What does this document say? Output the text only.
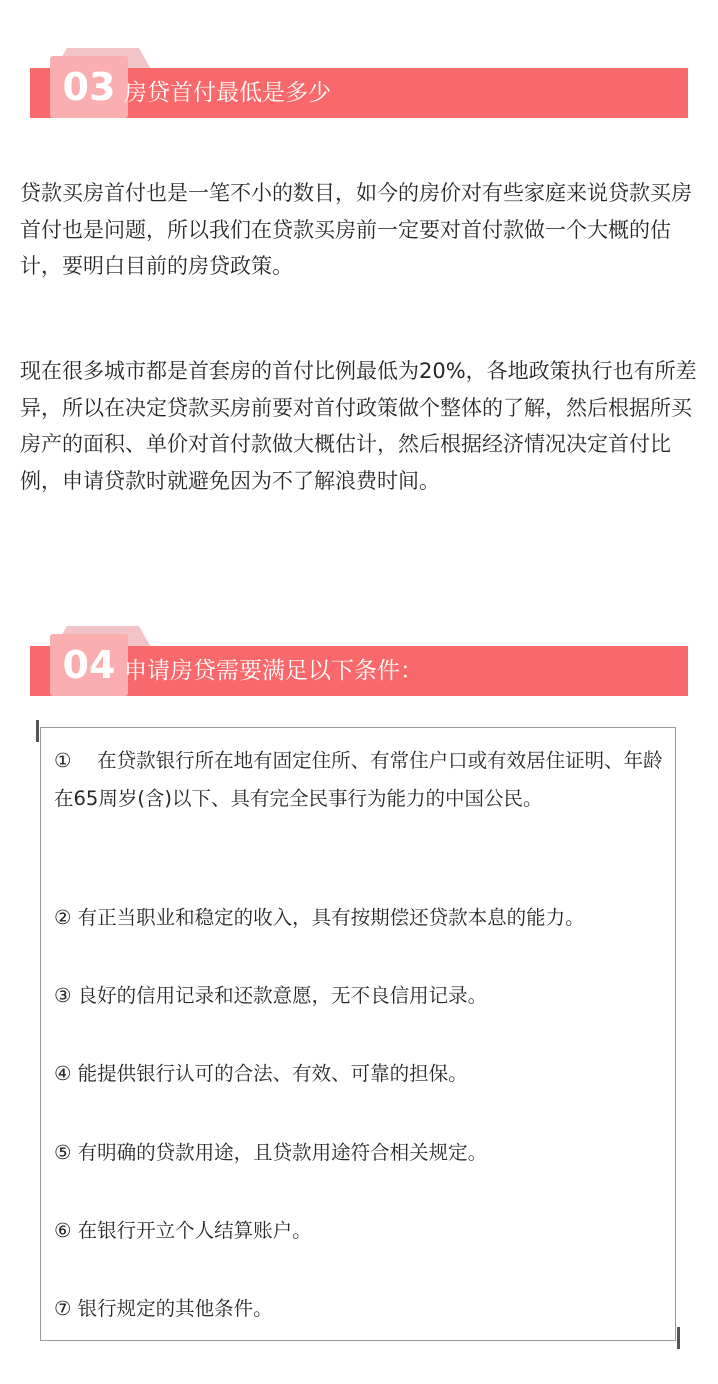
03 房贷首付最低是多少

贷款买房首付也是一笔不小的数目，如今的房价对有些家庭来说贷款买房首付也是问题，所以我们在贷款买房前一定要对首付款做一个大概的估计，要明白目前的房贷政策。

现在很多城市都是首套房的首付比例最低为20%，各地政策执行也有所差异，所以在决定贷款买房前要对首付政策做个整体的了解，然后根据所买房产的面积、单价对首付款做大概估计，然后根据经济情况决定首付比例，申请贷款时就避免因为不了解浪费时间。

04 申请房贷需要满足以下条件：

①　 在贷款银行所在地有固定住所、有常住户口或有效居住证明、年龄在65周岁(含)以下、具有完全民事行为能力的中国公民。

② 有正当职业和稳定的收入，具有按期偿还贷款本息的能力。

③ 良好的信用记录和还款意愿，无不良信用记录。

④ 能提供银行认可的合法、有效、可靠的担保。

⑤ 有明确的贷款用途，且贷款用途符合相关规定。

⑥ 在银行开立个人结算账户。

⑦ 银行规定的其他条件。
